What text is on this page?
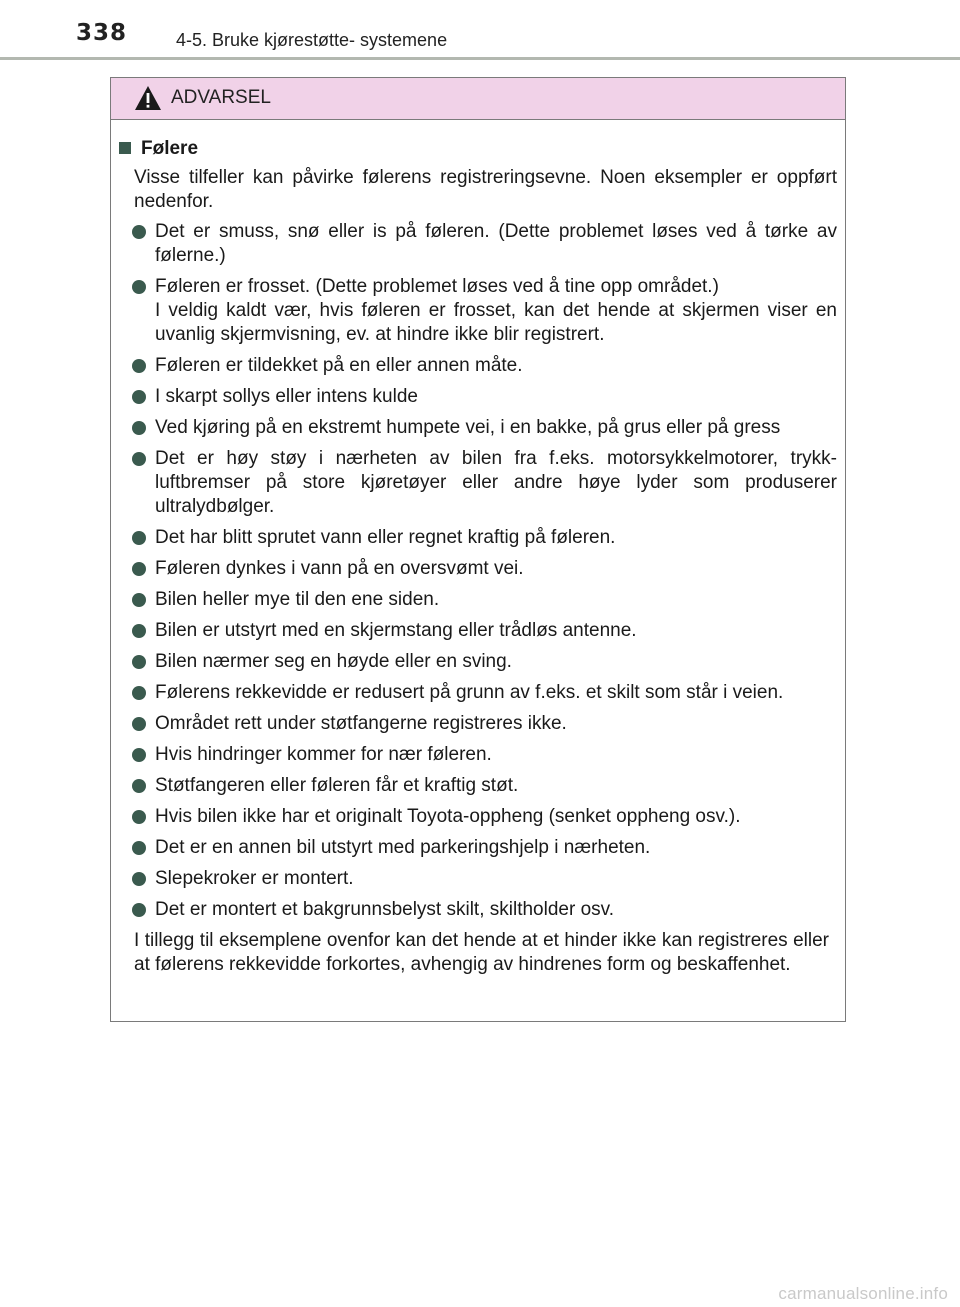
338	4-5. Bruke kjørestøtte- systemene
ADVARSEL
Følere
Visse tilfeller kan påvirke følerens registreringsevne. Noen eksempler er oppført nedenfor.
Det er smuss, snø eller is på føleren. (Dette problemet løses ved å tørke av følerne.)
Føleren er frosset. (Dette problemet løses ved å tine opp området.)
I veldig kaldt vær, hvis føleren er frosset, kan det hende at skjermen viser en uvanlig skjermvisning, ev. at hindre ikke blir registrert.
Føleren er tildekket på en eller annen måte.
I skarpt sollys eller intens kulde
Ved kjøring på en ekstremt humpete vei, i en bakke, på grus eller på gress
Det er høy støy i nærheten av bilen fra f.eks. motorsykkelmotorer, trykk-luftbremser på store kjøretøyer eller andre høye lyder som produserer ultralydbølger.
Det har blitt sprutet vann eller regnet kraftig på føleren.
Føleren dynkes i vann på en oversvømt vei.
Bilen heller mye til den ene siden.
Bilen er utstyrt med en skjermstang eller trådløs antenne.
Bilen nærmer seg en høyde eller en sving.
Følerens rekkevidde er redusert på grunn av f.eks. et skilt som står i veien.
Området rett under støtfangerne registreres ikke.
Hvis hindringer kommer for nær føleren.
Støtfangeren eller føleren får et kraftig støt.
Hvis bilen ikke har et originalt Toyota-oppheng (senket oppheng osv.).
Det er en annen bil utstyrt med parkeringshjelp i nærheten.
Slepekroker er montert.
Det er montert et bakgrunnsbelyst skilt, skiltholder osv.
I tillegg til eksemplene ovenfor kan det hende at et hinder ikke kan registreres eller at følerens rekkevidde forkortes, avhengig av hindrenes form og beskaffenhet.
carmanualsonline.info
